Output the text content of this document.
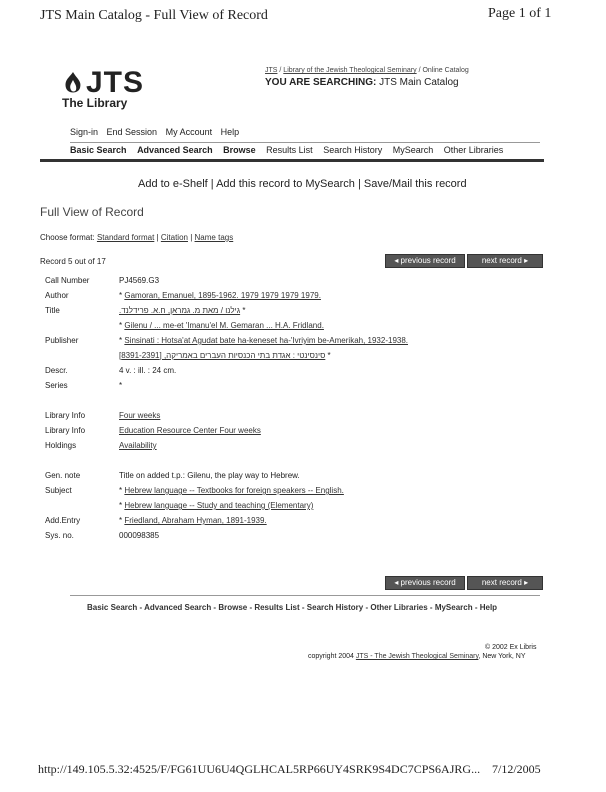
JTS Main Catalog - Full View of Record	Page 1 of 1
JTS
The Library
JTS / Library of the Jewish Theological Seminary / Online Catalog
YOU ARE SEARCHING: JTS Main Catalog
Sign-in End Session My Account Help
Basic Search Advanced Search Browse Results List Search History MySearch Other Libraries
Add to e-Shelf | Add this record to MySearch | Save/Mail this record
Full View of Record
Choose format: Standard format | Citation | Name tags
Record 5 out of 17	◂ previous record	next record ▸
Call Number	PJ4569.G3
Author	* Gamoran, Emanuel, 1895-1962. 1979 1979 1979 1979.
Title	גילנו / מאת מ. גמראן, ח.א. פרידלנד. *
* Gilenu / ... me-et 'Imanu'el M. Gemaran ... H.A. Fridland.
Publisher	* Sinsinati : Hotsa'at Agudat bate ha-keneset ha-'Ivriyim be-Amerikah, 1932-1938.
סינסינטי : אגדת בתי הכנסיות העברים באמריקה, [8391-2391] *
Descr.	4 v. : ill. : 24 cm.
Series	*
Library Info	Four weeks
Library Info	Education Resource Center Four weeks
Holdings	Availability
Gen. note	Title on added t.p.: Gilenu, the play way to Hebrew.
Subject	* Hebrew language -- Textbooks for foreign speakers -- English.
* Hebrew language -- Study and teaching (Elementary)
Add.Entry	* Friedland, Abraham Hyman, 1891-1939.
Sys. no.	000098385
◂ previous record	next record ▸
Basic Search - Advanced Search - Browse - Results List - Search History - Other Libraries - MySearch - Help
© 2002 Ex Libris
copyright 2004 JTS - The Jewish Theological Seminary, New York, NY
http://149.105.5.32:4525/F/FG61UU6U4QGLHCAL5RP66UY4SRK9S4DC7CPS6AJRG... 7/12/2005
